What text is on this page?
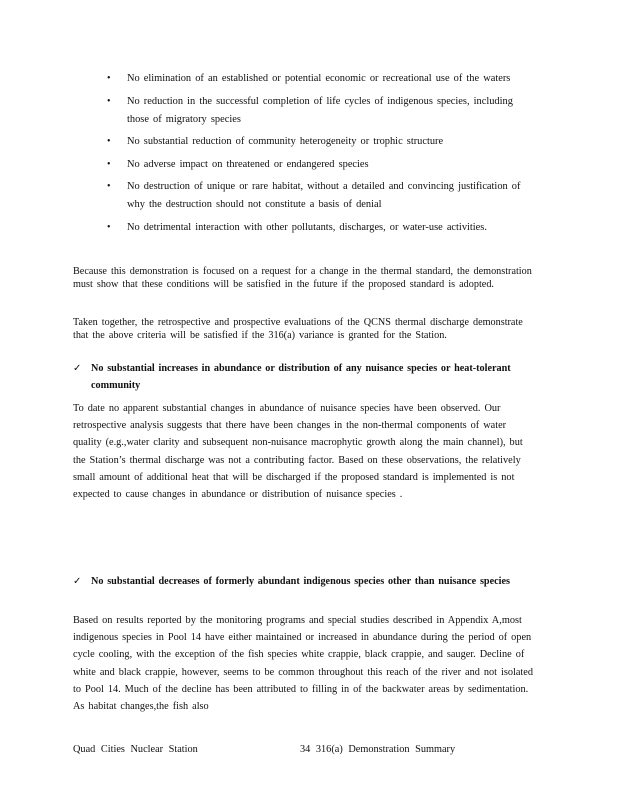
• No elimination of an established or potential economic or recreational use of the waters
• No reduction in the successful completion of life cycles of indigenous species, including those of migratory species
• No substantial reduction of community heterogeneity or trophic structure
• No adverse impact on threatened or endangered species
• No destruction of unique or rare habitat, without a detailed and convincing justification of why the destruction should not constitute a basis of denial
• No detrimental interaction with other pollutants, discharges, or water-use activities.

Because this demonstration is focused on a request for a change in the thermal standard, the demonstration must show that these conditions will be satisfied in the future if the proposed standard is adopted.

Taken together, the retrospective and prospective evaluations of the QCNS thermal discharge demonstrate that the above criteria will be satisfied if the 316(a) variance is granted for the Station.

✓ No substantial increases in abundance or distribution of any nuisance species or heat-tolerant community

To date no apparent substantial changes in abundance of nuisance species have been observed. Our retrospective analysis suggests that there have been changes in the non-thermal components of water quality (e.g.,water clarity and subsequent non-nuisance macrophytic growth along the main channel), but the Station’s thermal discharge was not a contributing factor. Based on these observations, the relatively small amount of additional heat that will be discharged if the proposed standard is implemented is not expected to cause changes in abundance or distribution of nuisance species .

✓ No substantial decreases of formerly abundant indigenous species other than nuisance species

Based on results reported by the monitoring programs and special studies described in Appendix A,most indigenous species in Pool 14 have either maintained or increased in abundance during the period of open cycle cooling, with the exception of the fish species white crappie, black crappie, and sauger. Decline of white and black crappie, however, seems to be common throughout this reach of the river and not isolated to Pool 14. Much of the decline has been attributed to filling in of the backwater areas by sedimentation. As habitat changes,the fish also

Quad Cities Nuclear Station	34 316(a) Demonstration Summary
